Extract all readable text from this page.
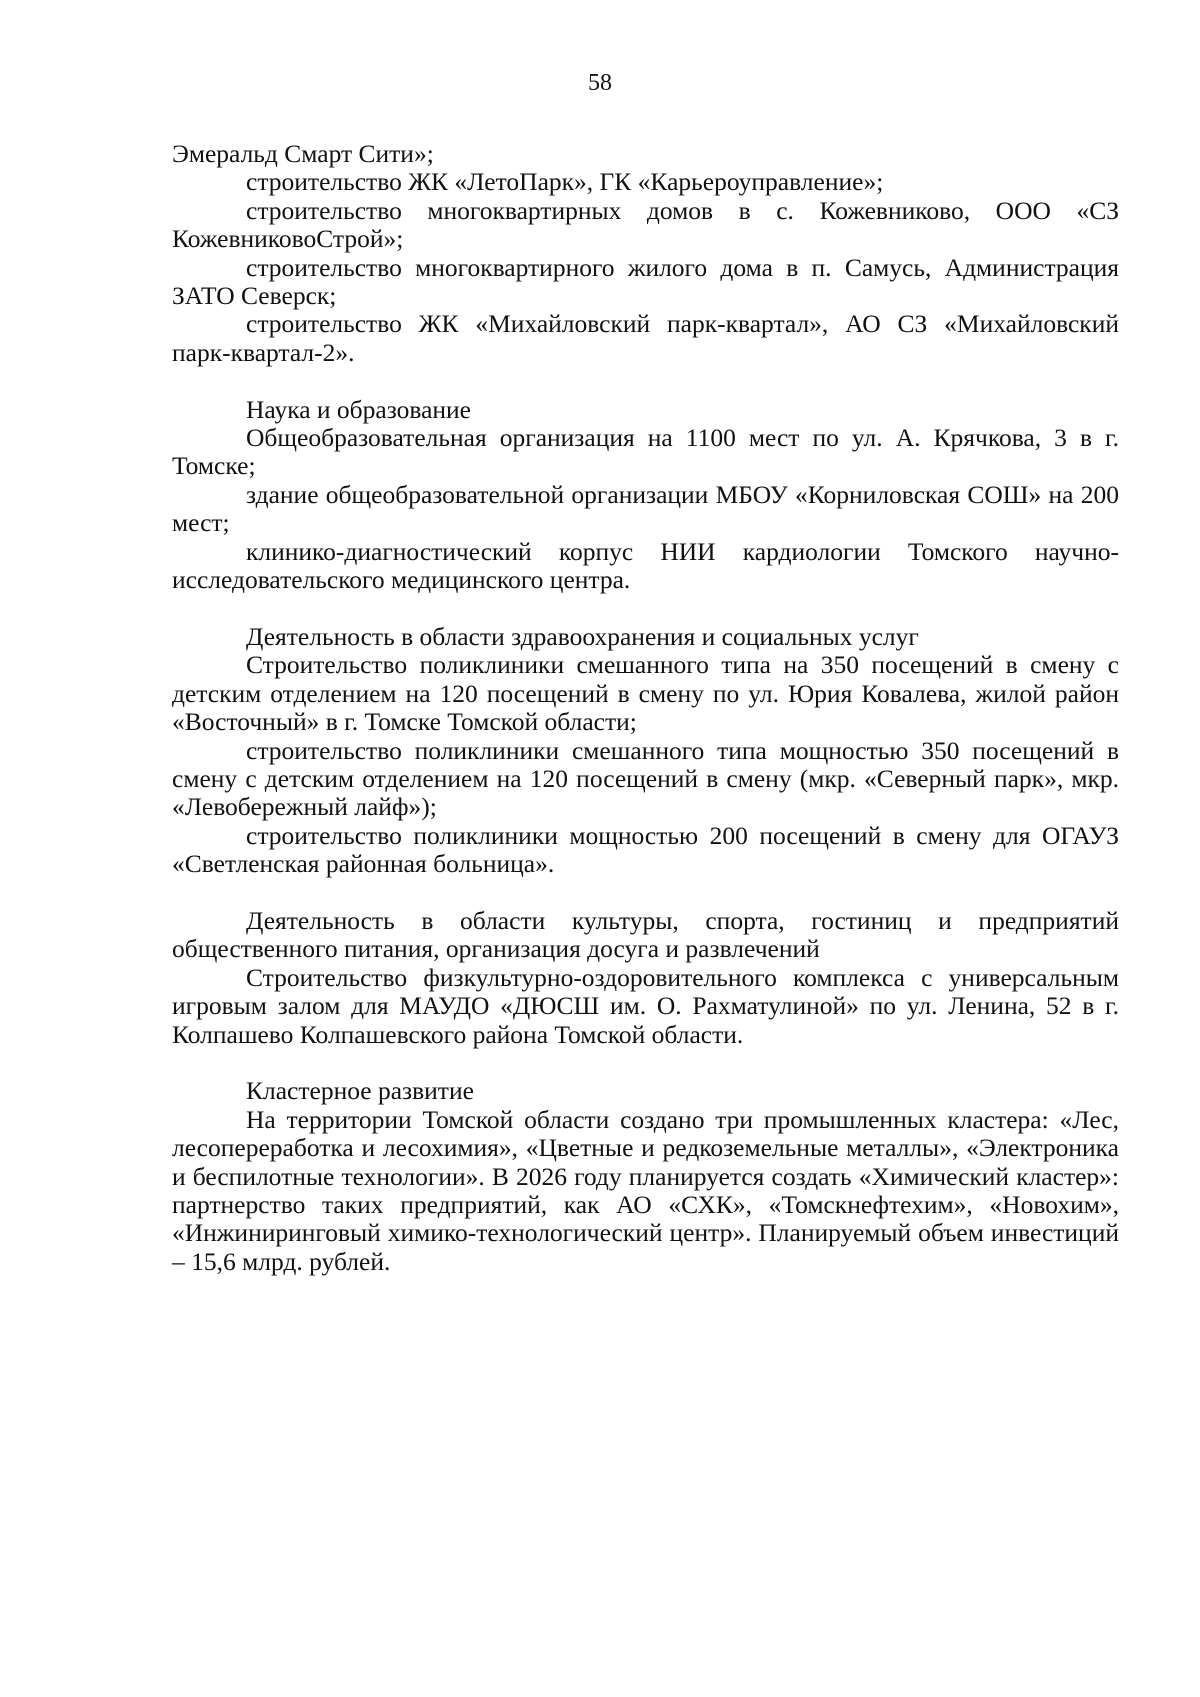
58

Эмеральд Смарт Сити»;

строительство ЖК «ЛетоПарк», ГК «Карьероуправление»;

строительство многоквартирных домов в с. Кожевниково, ООО «СЗ КожевниковоСтрой»;

строительство многоквартирного жилого дома в п. Самусь, Администрация ЗАТО Северск;

строительство ЖК «Михайловский парк-квартал», АО СЗ «Михайловский парк-квартал-2».

Наука и образование

Общеобразовательная организация на 1100 мест по ул. А. Крячкова, 3 в г. Томске;

здание общеобразовательной организации МБОУ «Корниловская СОШ» на 200 мест;

клинико-диагностический корпус НИИ кардиологии Томского научно-исследовательского медицинского центра.

Деятельность в области здравоохранения и социальных услуг

Строительство поликлиники смешанного типа на 350 посещений в смену с детским отделением на 120 посещений в смену по ул. Юрия Ковалева, жилой район «Восточный» в г. Томске Томской области;

строительство поликлиники смешанного типа мощностью 350 посещений в смену с детским отделением на 120 посещений в смену (мкр. «Северный парк», мкр. «Левобережный лайф»);

строительство поликлиники мощностью 200 посещений в смену для ОГАУЗ «Светленская районная больница».

Деятельность в области культуры, спорта, гостиниц и предприятий общественного питания, организация досуга и развлечений

Строительство физкультурно-оздоровительного комплекса с универсальным игровым залом для МАУДО «ДЮСШ им. О. Рахматулиной» по ул. Ленина, 52 в г. Колпашево Колпашевского района Томской области.

Кластерное развитие

На территории Томской области создано три промышленных кластера: «Лес, лесопереработка и лесохимия», «Цветные и редкоземельные металлы», «Электроника и беспилотные технологии». В 2026 году планируется создать «Химический кластер»: партнерство таких предприятий, как АО «СХК», «Томскнефтехим», «Новохим», «Инжиниринговый химико-технологический центр». Планируемый объем инвестиций – 15,6 млрд. рублей.
